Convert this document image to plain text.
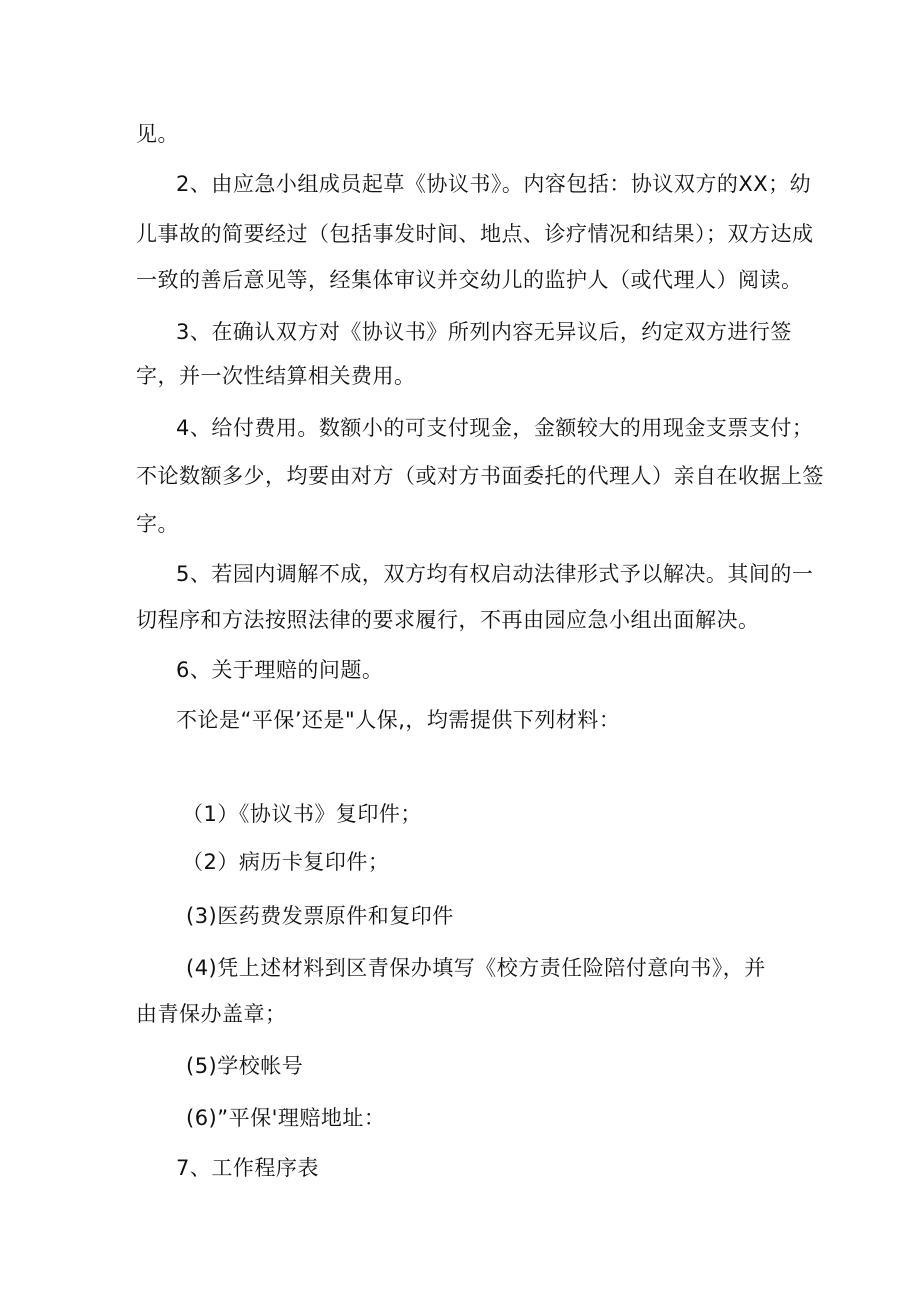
见。

2、由应急小组成员起草《协议书》。内容包括：协议双方的XX；幼

儿事故的简要经过（包括事发时间、地点、诊疗情况和结果）；双方达成

一致的善后意见等，经集体审议并交幼儿的监护人（或代理人）阅读。

3、在确认双方对《协议书》所列内容无异议后，约定双方进行签

字，并一次性结算相关费用。

4、给付费用。数额小的可支付现金，金额较大的用现金支票支付；

不论数额多少，均要由对方（或对方书面委托的代理人）亲自在收据上签

字。

5、若园内调解不成，双方均有权启动法律形式予以解决。其间的一

切程序和方法按照法律的要求履行，不再由园应急小组出面解决。

6、关于理赔的问题。

不论是“平保’还是"人保,，均需提供下列材料：

（1）《协议书》复印件；

（2）病历卡复印件；

(3)医药费发票原件和复印件

(4)凭上述材料到区青保办填写《校方责任险陪付意向书》，并

由青保办盖章；

(5)学校帐号

(6)”平保'理赔地址：

7、工作程序表
